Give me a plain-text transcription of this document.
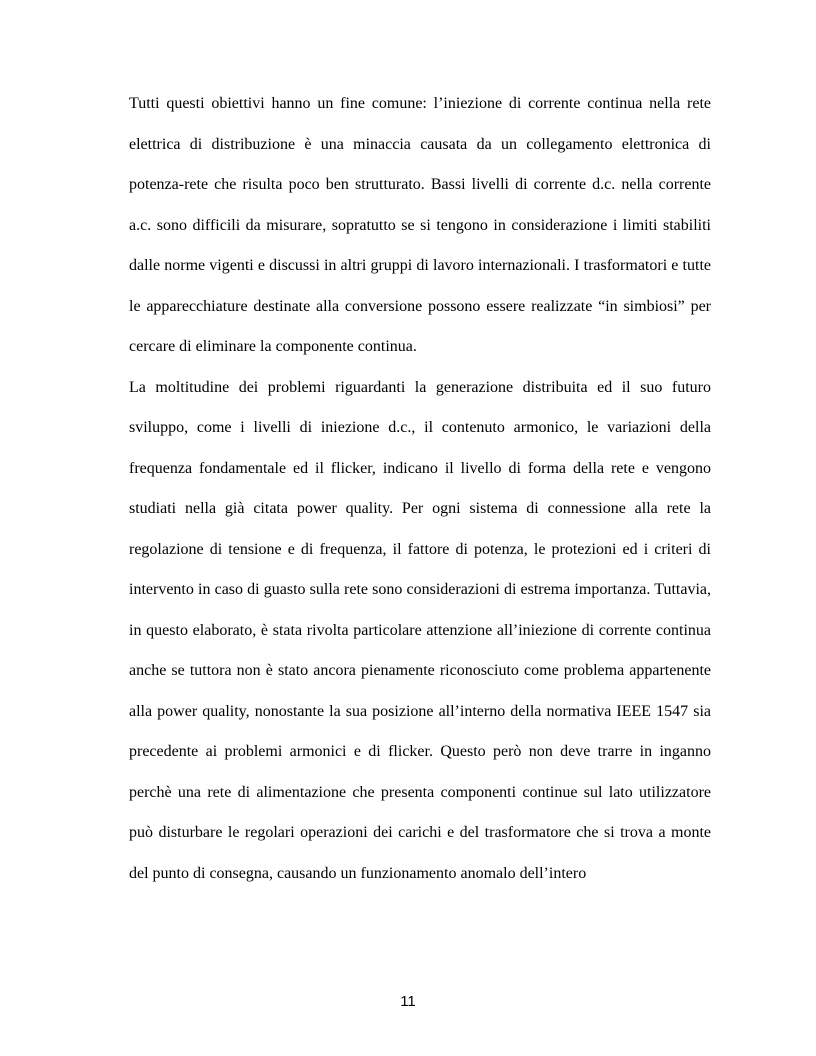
Tutti questi obiettivi hanno un fine comune: l’iniezione di corrente continua nella rete elettrica di distribuzione è una minaccia causata da un collegamento elettronica di potenza-rete che risulta poco ben strutturato. Bassi livelli di corrente d.c. nella corrente a.c. sono difficili da misurare, sopratutto se si tengono in considerazione i limiti stabiliti dalle norme vigenti e discussi in altri gruppi di lavoro internazionali. I trasformatori e tutte le apparecchiature destinate alla conversione possono essere realizzate “in simbiosi” per cercare di eliminare la componente continua.

La moltitudine dei problemi riguardanti la generazione distribuita ed il suo futuro sviluppo, come i livelli di iniezione d.c., il contenuto armonico, le variazioni della frequenza fondamentale ed il flicker, indicano il livello di forma della rete e vengono studiati nella già citata power quality. Per ogni sistema di connessione alla rete la regolazione di tensione e di frequenza, il fattore di potenza, le protezioni ed i criteri di intervento in caso di guasto sulla rete sono considerazioni di estrema importanza. Tuttavia, in questo elaborato, è stata rivolta particolare attenzione all’iniezione di corrente continua anche se tuttora non è stato ancora pienamente riconosciuto come problema appartenente alla power quality, nonostante la sua posizione all’interno della normativa IEEE 1547 sia precedente ai problemi armonici e di flicker. Questo però non deve trarre in inganno perchè una rete di alimentazione che presenta componenti continue sul lato utilizzatore può disturbare le regolari operazioni dei carichi e del trasformatore che si trova a monte del punto di consegna, causando un funzionamento anomalo dell’intero

11
